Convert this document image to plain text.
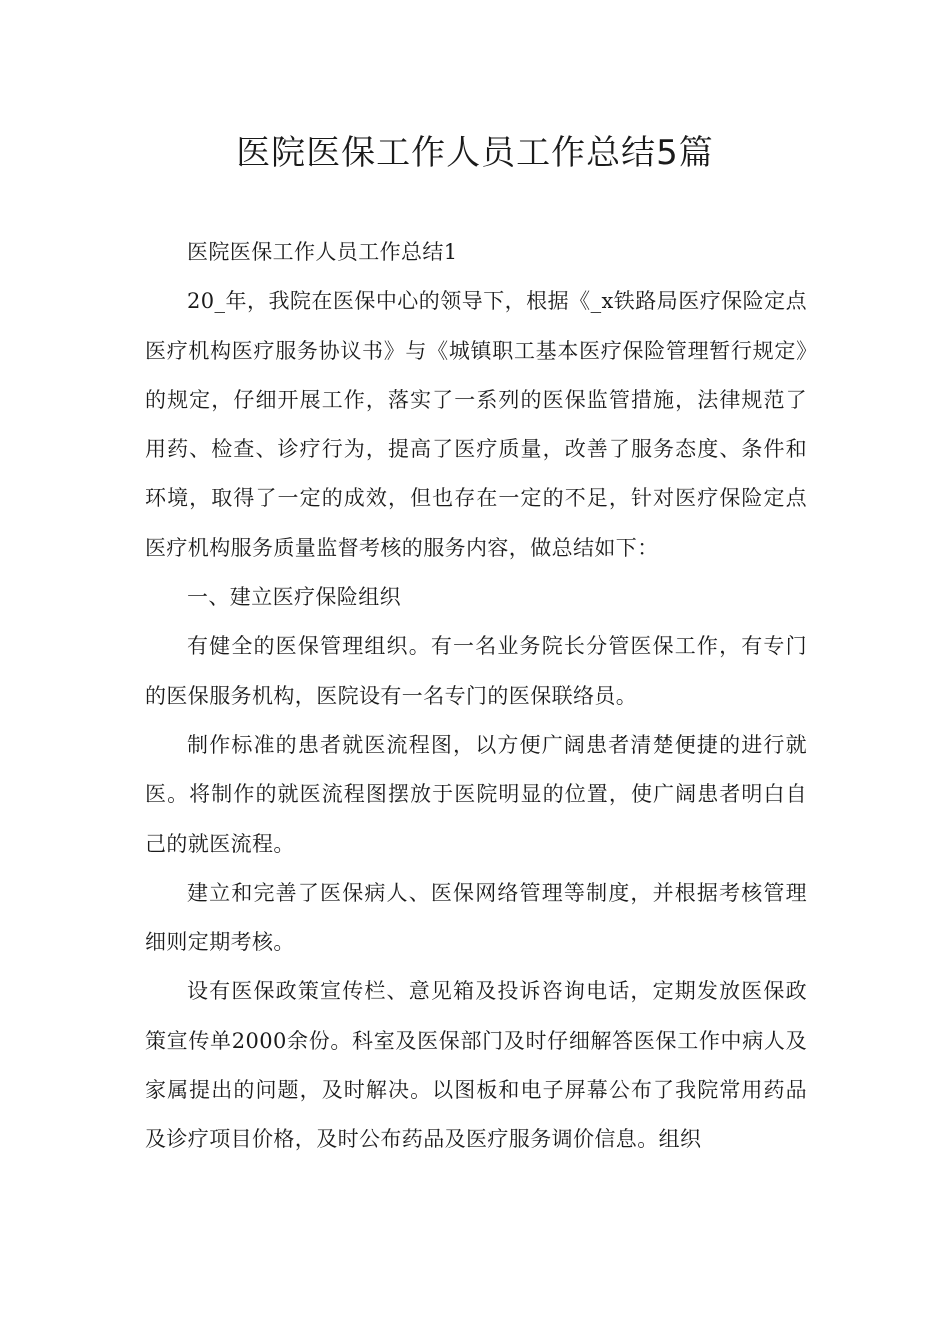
医院医保工作人员工作总结5篇

医院医保工作人员工作总结1

20_年，我院在医保中心的领导下，根据《_x铁路局医疗保险定点医疗机构医疗服务协议书》与《城镇职工基本医疗保险管理暂行规定》的规定，仔细开展工作，落实了一系列的医保监管措施，法律规范了用药、检查、诊疗行为，提高了医疗质量，改善了服务态度、条件和环境，取得了一定的成效，但也存在一定的不足，针对医疗保险定点医疗机构服务质量监督考核的服务内容，做总结如下：

一、建立医疗保险组织

有健全的医保管理组织。有一名业务院长分管医保工作，有专门的医保服务机构，医院设有一名专门的医保联络员。

制作标准的患者就医流程图，以方便广阔患者清楚便捷的进行就医。将制作的就医流程图摆放于医院明显的位置，使广阔患者明白自己的就医流程。

建立和完善了医保病人、医保网络管理等制度，并根据考核管理细则定期考核。

设有医保政策宣传栏、意见箱及投诉咨询电话，定期发放医保政策宣传单2000余份。科室及医保部门及时仔细解答医保工作中病人及家属提出的问题，及时解决。以图板和电子屏幕公布了我院常用药品及诊疗项目价格，及时公布药品及医疗服务调价信息。组织
